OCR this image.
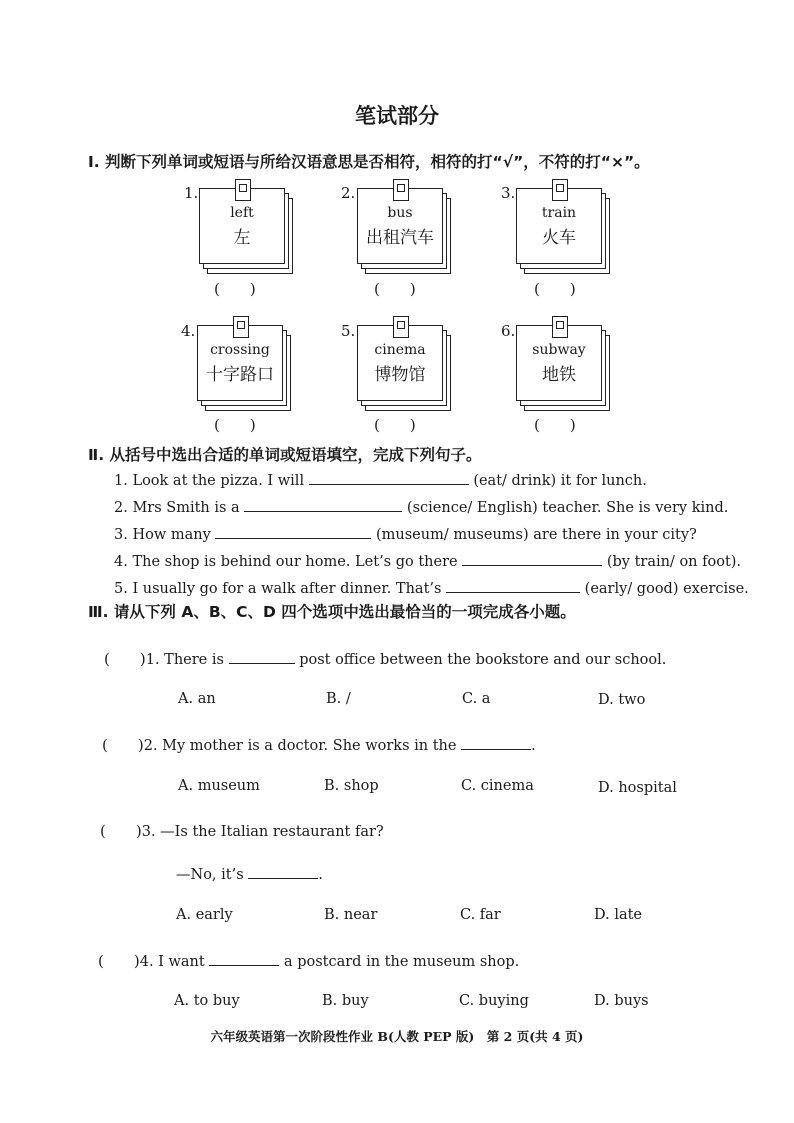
笔试部分
Ⅰ. 判断下列单词或短语与所给汉语意思是否相符，相符的打“√”，不符的打“×”。
1.
left
左
(　　)
2.
bus
出租汽车
(　　)
3.
train
火车
(　　)
4.
crossing
十字路口
(　　)
5.
cinema
博物馆
(　　)
6.
subway
地铁
(　　)
Ⅱ. 从括号中选出合适的单词或短语填空，完成下列句子。
1. Look at the pizza. I will	(eat/ drink) it for lunch.
2. Mrs Smith is a	(science/ English) teacher. She is very kind.
3. How many	(museum/ museums) are there in your city?
4. The shop is behind our home. Let’s go there	(by train/ on foot).
5. I usually go for a walk after dinner. That’s	(early/ good) exercise.
Ⅲ. 请从下列 A、B、C、D 四个选项中选出最恰当的一项完成各小题。
(　　)1. There is	post office between the bookstore and our school.
A. an	B. /	C. a	D. two
(　　)2. My mother is a doctor. She works in the	.
A. museum	B. shop	C. cinema	D. hospital
(　　)3. —Is the Italian restaurant far?
—No, it’s	.
A. early	B. near	C. far	D. late
(　　)4. I want	a postcard in the museum shop.
A. to buy	B. buy	C. buying	D. buys
六年级英语第一次阶段性作业 B(人教 PEP 版)　第 2 页(共 4 页)
